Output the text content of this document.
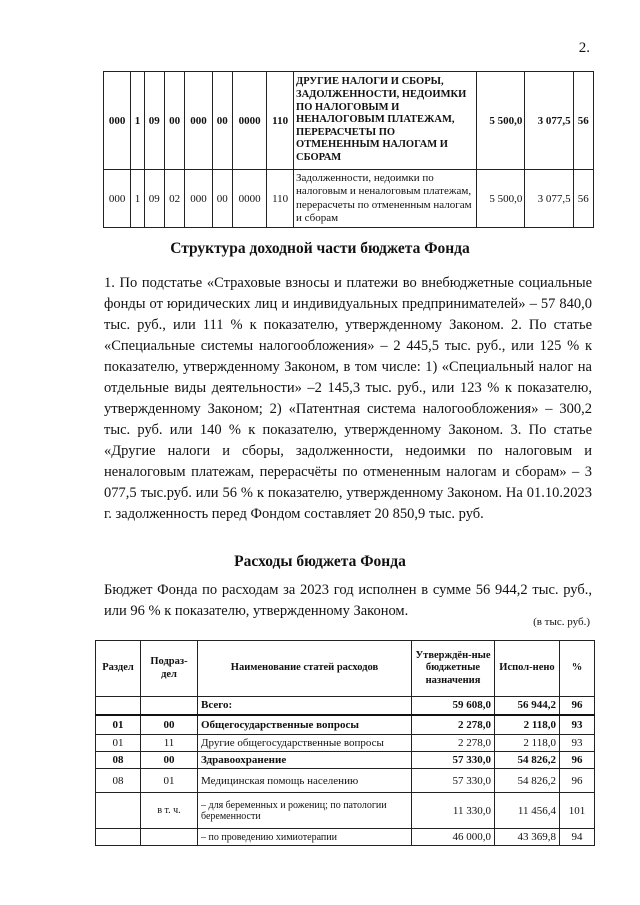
2.
000	1	09	00	000	00	0000	110	ДРУГИЕ НАЛОГИ И СБОРЫ, ЗАДОЛЖЕННОСТИ, НЕДОИМКИ ПО НАЛОГОВЫМ И НЕНАЛОГОВЫМ ПЛАТЕЖАМ, ПЕРЕРАСЧЕТЫ ПО ОТМЕНЕННЫМ НАЛОГАМ И СБОРАМ	5 500,0	3 077,5	56
000	1	09	02	000	00	0000	110	Задолженности, недоимки по налоговым и неналоговым платежам, перерасчеты по отмененным налогам и сборам	5 500,0	3 077,5	56
Структура доходной части бюджета Фонда
1. По подстатье «Страховые взносы и платежи во внебюджетные социальные фонды от юридических лиц и индивидуальных предпринимателей» – 57 840,0 тыс. руб., или 111 % к показателю, утвержденному Законом. 2. По статье «Специальные системы налогообложения» – 2 445,5 тыс. руб., или 125 % к показателю, утвержденному Законом, в том числе: 1) «Специальный налог на отдельные виды деятельности» –2 145,3 тыс. руб., или 123 % к показателю, утвержденному Законом; 2) «Патентная система налогообложения» – 300,2 тыс. руб. или 140 % к показателю, утвержденному Законом. 3. По статье «Другие налоги и сборы, задолженности, недоимки по налоговым и неналоговым платежам, перерасчёты по отмененным налогам и сборам» – 3 077,5 тыс.руб. или 56 % к показателю, утвержденному Законом. На 01.10.2023 г. задолженность перед Фондом составляет 20 850,9 тыс. руб.
Расходы бюджета Фонда
Бюджет Фонда по расходам за 2023 год исполнен в сумме 56 944,2 тыс. руб., или 96 % к показателю, утвержденному Законом.
(в тыс. руб.)
Раздел	Подраз-дел	Наименование статей расходов	Утверждён-ные бюджетные назначения	Испол-нено	%
		Всего:	59 608,0	56 944,2	96
01	00	Общегосударственные вопросы	2 278,0	2 118,0	93
01	11	Другие общегосударственные вопросы	2 278,0	2 118,0	93
08	00	Здравоохранение	57 330,0	54 826,2	96
08	01	Медицинская помощь населению	57 330,0	54 826,2	96
	в т. ч.	– для беременных и рожениц; по патологии беременности	11 330,0	11 456,4	101
		– по проведению химиотерапии	46 000,0	43 369,8	94
